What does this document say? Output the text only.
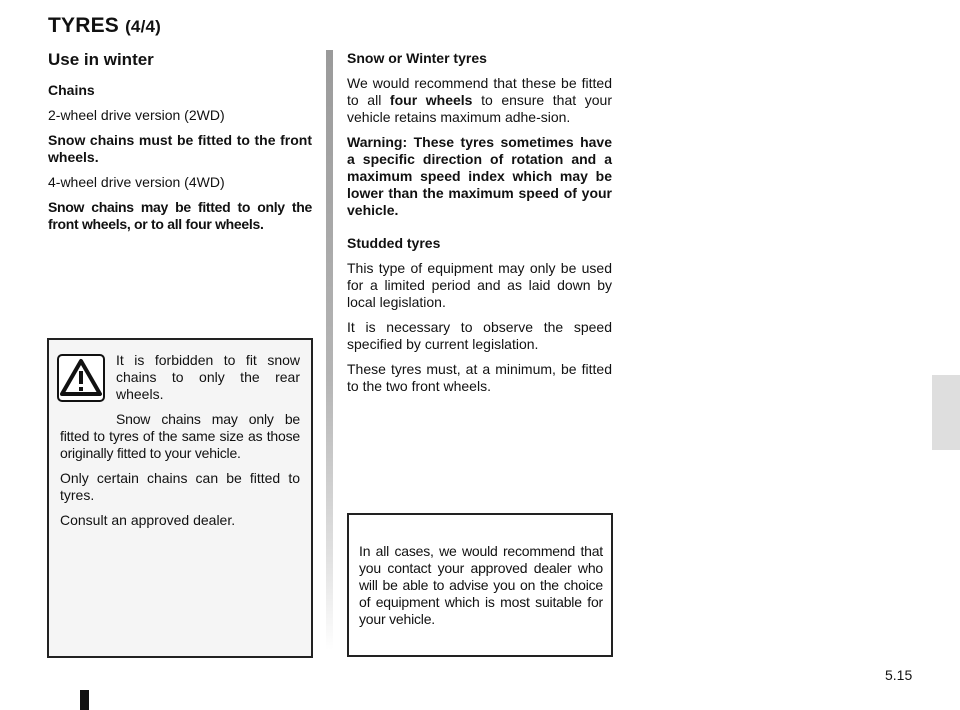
TYRES (4/4)
Use in winter

Chains

2-wheel drive version (2WD)

Snow chains must be fitted to the front wheels.

4-wheel drive version (4WD)

Snow chains may be fitted to only the front wheels, or to all four wheels.

Snow or Winter tyres

We would recommend that these be fitted to all four wheels to ensure that your vehicle retains maximum adhe-sion.

Warning: These tyres sometimes have a specific direction of rotation and a maximum speed index which may be lower than the maximum speed of your vehicle.

Studded tyres

This type of equipment may only be used for a limited period and as laid down by local legislation.

It is necessary to observe the speed specified by current legislation.

These tyres must, at a minimum, be fitted to the two front wheels.

It is forbidden to fit snow chains to only the rear wheels.

Snow chains may only be fitted to tyres of the same size as those originally fitted to your vehicle.

Only certain chains can be fitted to tyres.

Consult an approved dealer.

In all cases, we would recommend that you contact your approved dealer who will be able to advise you on the choice of equipment which is most suitable for your vehicle.
5.15
